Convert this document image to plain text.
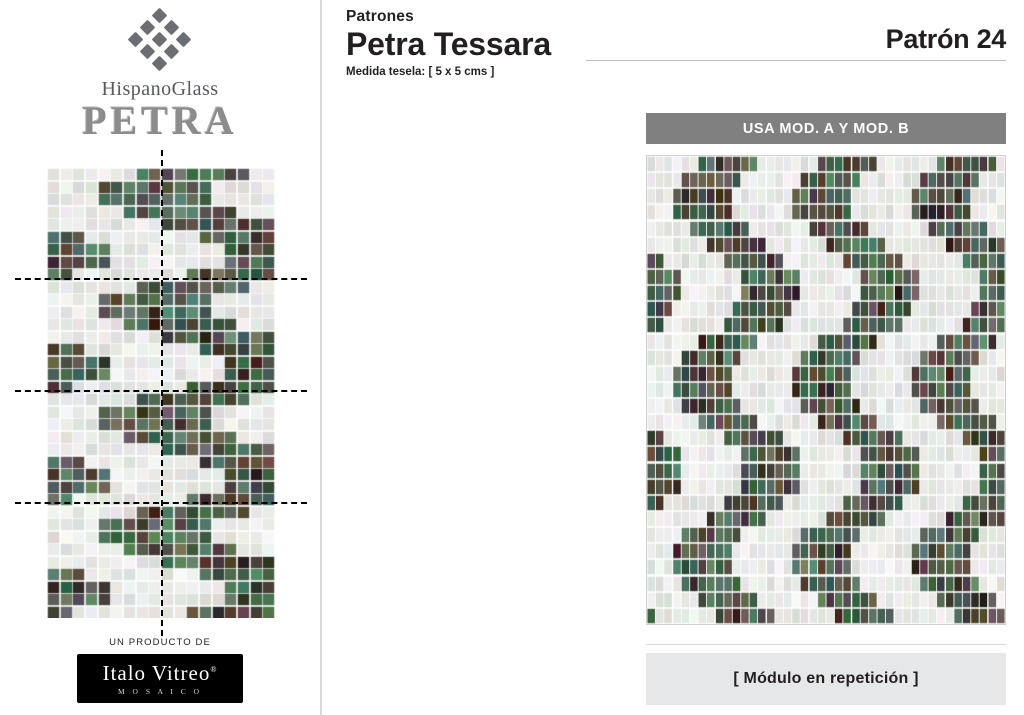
HispanoGlass
PETRA
UN PRODUCTO DE
Italo Vitreo®
M O S A I C O
Patrones
Petra Tessara
Medida tesela: [ 5 x 5 cms ]
Patrón 24
USA MOD. A Y MOD. B
[ Módulo en repetición ]
